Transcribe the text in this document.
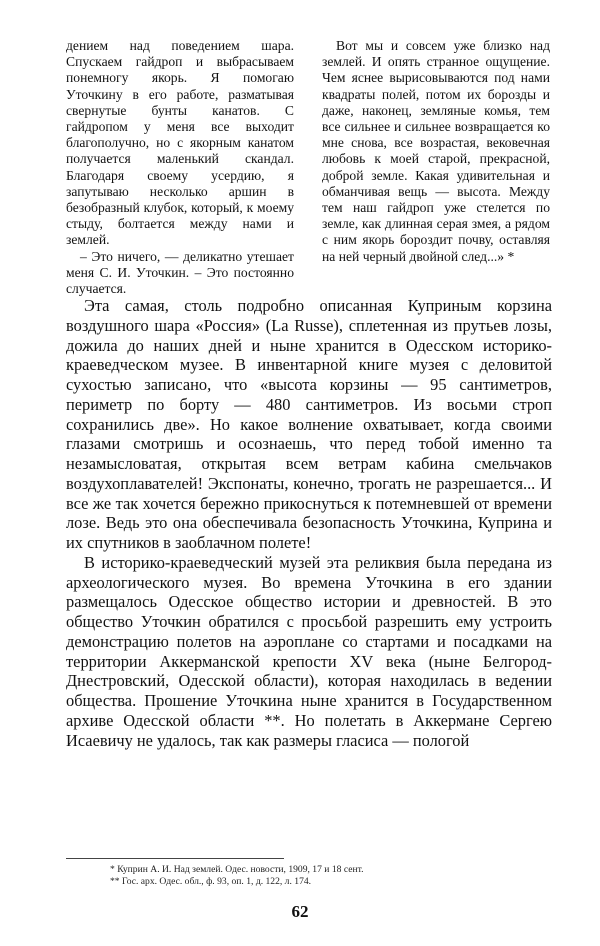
дением над поведением шара. Спускаем гайдроп и выбрасываем понемногу якорь. Я помогаю Уточкину в его работе, разматывая свернутые бунты канатов. С гайдропом у меня все выходит благополучно, но с якорным канатом получается маленький скандал. Благодаря своему усердию, я запутываю несколько аршин в безобразный клубок, который, к моему стыду, болтается между нами и землей.

– Это ничего, — деликатно утешает меня С. И. Уточкин. – Это постоянно случается.

Вот мы и совсем уже близко над землей. И опять странное ощущение. Чем яснее вырисовываются под нами квадраты полей, потом их борозды и даже, наконец, земляные комья, тем все сильнее и сильнее возвращается ко мне снова, все возрастая, вековечная любовь к моей старой, прекрасной, доброй земле. Какая удивительная и обманчивая вещь — высота. Между тем наш гайдроп уже стелется по земле, как длинная серая змея, а рядом с ним якорь бороздит почву, оставляя на ней черный двойной след...» *

Эта самая, столь подробно описанная Куприным корзина воздушного шара «Россия» (La Russe), сплетенная из прутьев лозы, дожила до наших дней и ныне хранится в Одесском историко-краеведческом музее. В инвентарной книге музея с деловитой сухостью записано, что «высота корзины — 95 сантиметров, периметр по борту — 480 сантиметров. Из восьми строп сохранились две». Но какое волнение охватывает, когда своими глазами смотришь и осознаешь, что перед тобой именно та незамысловатая, открытая всем ветрам кабина смельчаков воздухоплавателей! Экспонаты, конечно, трогать не разрешается... И все же так хочется бережно прикоснуться к потемневшей от времени лозе. Ведь это она обеспечивала безопасность Уточкина, Куприна и их спутников в заоблачном полете!

В историко-краеведческий музей эта реликвия была передана из археологического музея. Во времена Уточкина в его здании размещалось Одесское общество истории и древностей. В это общество Уточкин обратился с просьбой разрешить ему устроить демонстрацию полетов на аэроплане со стартами и посадками на территории Аккерманской крепости XV века (ныне Белгород-Днестровский, Одесской области), которая находилась в ведении общества. Прошение Уточкина ныне хранится в Государственном архиве Одесской области **. Но полетать в Аккермане Сергею Исаевичу не удалось, так как размеры гласиса — пологой

* Куприн А. И. Над землей. Одес. новости, 1909, 17 и 18 сент.
** Гос. арх. Одес. обл., ф. 93, оп. 1, д. 122, л. 174.
62
